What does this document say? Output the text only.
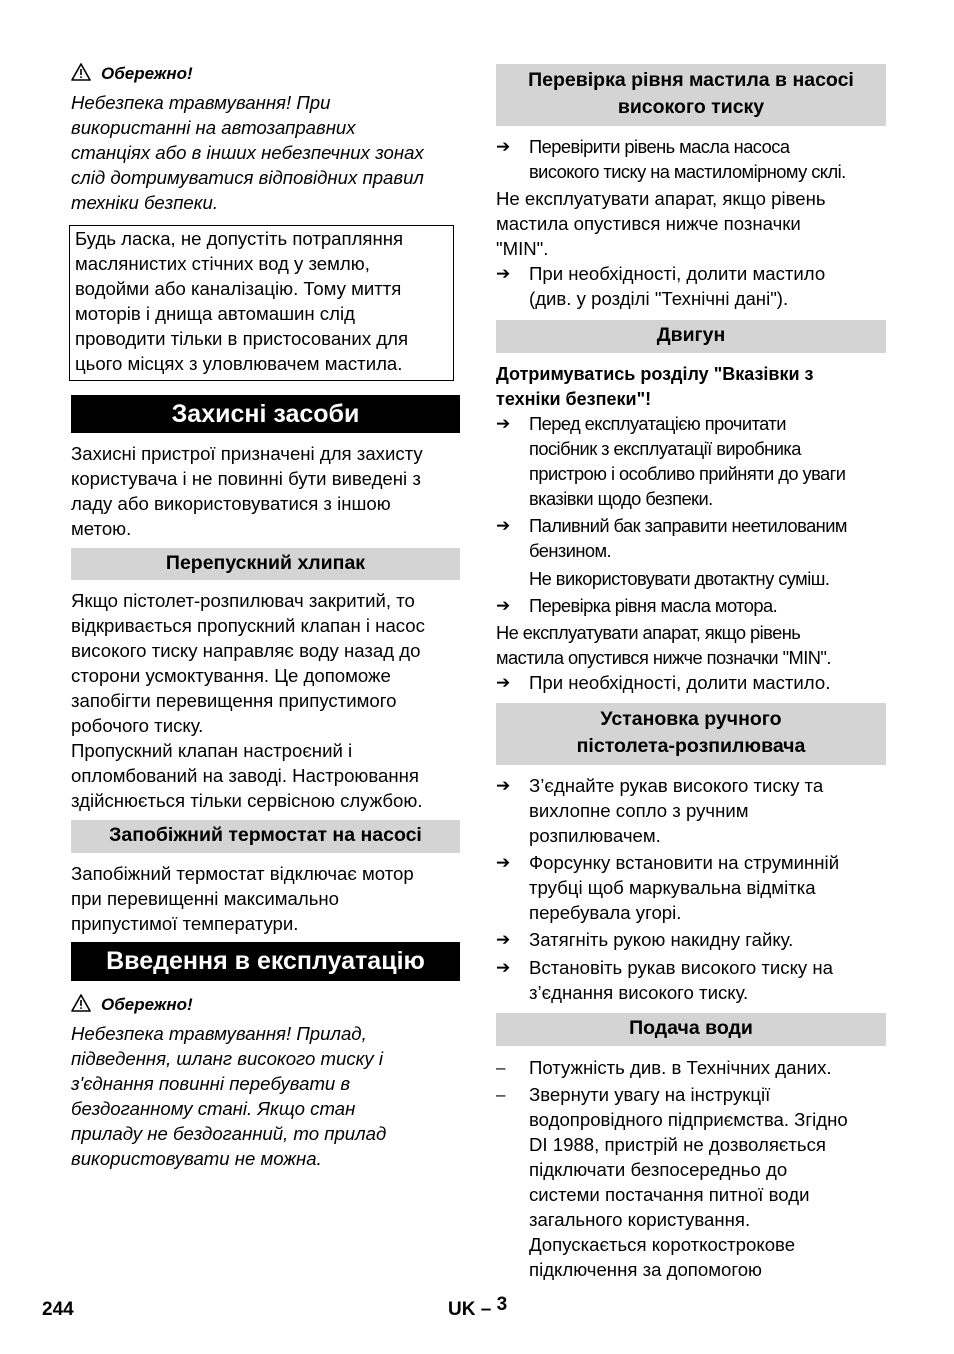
Обережно!
Небезпека травмування! При
використанні на автозаправних
станціях або в інших небезпечних зонах
слід дотримуватися відповідних правил
техніки безпеки.
Будь ласка, не допустіть потрапляння
маслянистих стічних вод у землю,
водойми або каналізацію. Тому миття
моторів і днища автомашин слід
проводити тільки в пристосованих для
цього місцях з уловлювачем мастила.
Захисні засоби
Захисні пристрої призначені для захисту
користувача і не повинні бути виведені з
ладу або використовуватися з іншою
метою.
Перепускний хлипак
Якщо пістолет-розпилювач закритий, то
відкривається пропускний клапан і насос
високого тиску направляє воду назад до
сторони усмоктування. Це допоможе
запобігти перевищення припустимого
робочого тиску.
Пропускний клапан настроєний і
опломбований на заводі. Настроювання
здійснюється тільки сервісною службою.
Запобіжний термостат на насосі
Запобіжний термостат відключає мотор
при перевищенні максимально
припустимої температури.
Введення в експлуатацію
Обережно!
Небезпека травмування! Прилад,
підведення, шланг високого тиску і
з'єднання повинні перебувати в
бездоганному стані. Якщо стан
приладу не бездоганний, то прилад
використовувати не можна.
Перевірка рівня мастила в насосі
високого тиску
➔	Перевірити рівень масла насоса
високого тиску на мастиломірному склі.
Не експлуатувати апарат, якщо рівень
мастила опустився нижче позначки
"MIN".
➔	При необхідності, долити мастило
(див. у розділі "Технічні дані").
Двигун
Дотримуватись розділу "Вказівки з
техніки безпеки"!
➔	Перед експлуатацією прочитати
посібник з експлуатації виробника
пристрою і особливо прийняти до уваги
вказівки щодо безпеки.
➔	Паливний бак заправити неетилованим
бензином.
Не використовувати двотактну суміш.
➔	Перевірка рівня масла мотора.
Не експлуатувати апарат, якщо рівень
мастила опустився нижче позначки "MIN".
➔	При необхідності, долити мастило.
Установка ручного
пістолета-розпилювача
➔	З’єднайте рукав високого тиску та
вихлопне сопло з ручним
розпилювачем.
➔	Форсунку встановити на струминній
трубці щоб маркувальна відмітка
перебувала угорі.
➔	Затягніть рукою накидну гайку.
➔	Встановіть рукав високого тиску на
з’єднання високого тиску.
Подача води
–	Потужність див. в Технічних даних.
–	Звернути увагу на інструкції
водопровідного підприємства. Згідно
DI 1988, пристрій не дозволяється
підключати безпосередньо до
системи постачання питної води
загального користування.
Допускається короткострокове
підключення за допомогою
244	UK – 3
